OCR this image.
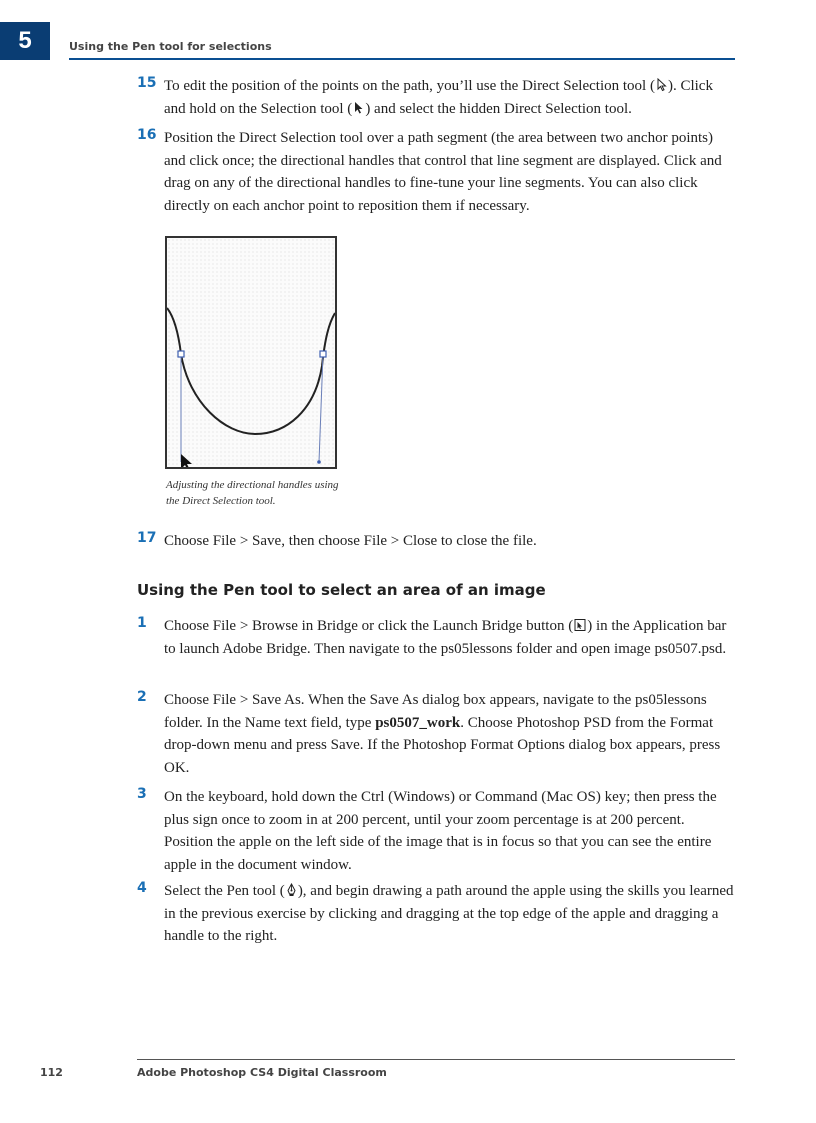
5	Using the Pen tool for selections
15 To edit the position of the points on the path, you’ll use the Direct Selection tool ( ). Click and hold on the Selection tool ( ) and select the hidden Direct Selection tool.
16 Position the Direct Selection tool over a path segment (the area between two anchor points) and click once; the directional handles that control that line segment are displayed. Click and drag on any of the directional handles to fine-tune your line segments. You can also click directly on each anchor point to reposition them if necessary.
Adjusting the directional handles using the Direct Selection tool.
17 Choose File > Save, then choose File > Close to close the file.
Using the Pen tool to select an area of an image
1 Choose File > Browse in Bridge or click the Launch Bridge button ( ) in the Application bar to launch Adobe Bridge. Then navigate to the ps05lessons folder and open image ps0507.psd.
2 Choose File > Save As. When the Save As dialog box appears, navigate to the ps05lessons folder. In the Name text field, type ps0507_work. Choose Photoshop PSD from the Format drop-down menu and press Save. If the Photoshop Format Options dialog box appears, press OK.
3 On the keyboard, hold down the Ctrl (Windows) or Command (Mac OS) key; then press the plus sign once to zoom in at 200 percent, until your zoom percentage is at 200 percent. Position the apple on the left side of the image that is in focus so that you can see the entire apple in the document window.
4 Select the Pen tool ( ), and begin drawing a path around the apple using the skills you learned in the previous exercise by clicking and dragging at the top edge of the apple and dragging a handle to the right.
112	Adobe Photoshop CS4 Digital Classroom
